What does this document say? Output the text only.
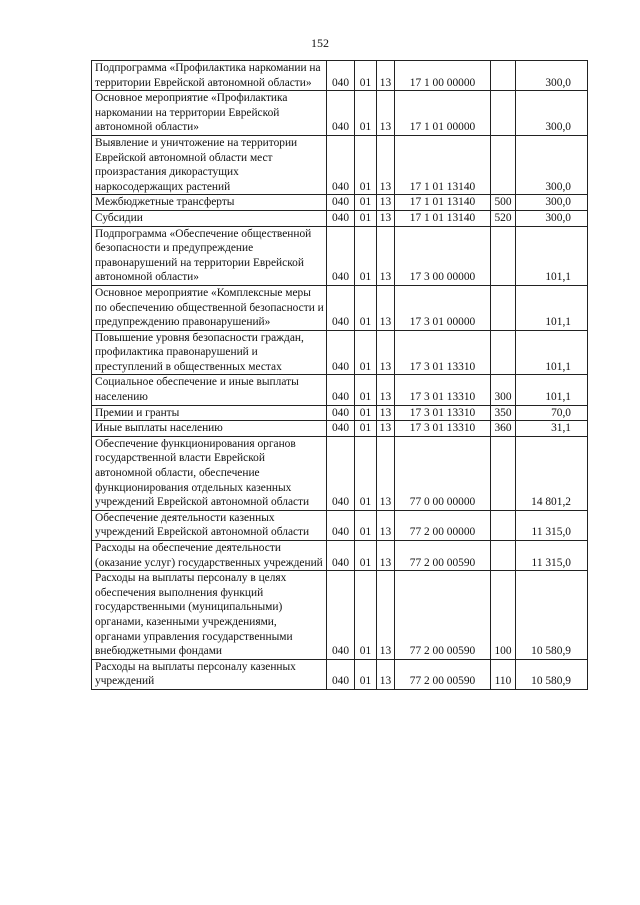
152
Подпрограмма «Профилактика наркомании на территории Еврейской автономной области»	040	01	13	17 1 00 00000		300,0
Основное мероприятие «Профилактика наркомании на территории Еврейской автономной области»	040	01	13	17 1 01 00000		300,0
Выявление и уничтожение на территории Еврейской автономной области мест произрастания дикорастущих наркосодержащих растений	040	01	13	17 1 01 13140		300,0
Межбюджетные трансферты	040	01	13	17 1 01 13140	500	300,0
Субсидии	040	01	13	17 1 01 13140	520	300,0
Подпрограмма «Обеспечение общественной безопасности и предупреждение правонарушений на территории Еврейской автономной области»	040	01	13	17 3 00 00000		101,1
Основное мероприятие «Комплексные меры по обеспечению общественной безопасности и предупреждению правонарушений»	040	01	13	17 3 01 00000		101,1
Повышение уровня безопасности граждан, профилактика правонарушений и преступлений в общественных местах	040	01	13	17 3 01 13310		101,1
Социальное обеспечение и иные выплаты населению	040	01	13	17 3 01 13310	300	101,1
Премии и гранты	040	01	13	17 3 01 13310	350	70,0
Иные выплаты населению	040	01	13	17 3 01 13310	360	31,1
Обеспечение функционирования органов государственной власти Еврейской автономной области, обеспечение функционирования отдельных казенных учреждений Еврейской автономной области	040	01	13	77 0 00 00000		14 801,2
Обеспечение деятельности казенных учреждений Еврейской автономной области	040	01	13	77 2 00 00000		11 315,0
Расходы на обеспечение деятельности (оказание услуг) государственных учреждений	040	01	13	77 2 00 00590		11 315,0
Расходы на выплаты персоналу в целях обеспечения выполнения функций государственными (муниципальными) органами, казенными учреждениями, органами управления государственными внебюджетными фондами	040	01	13	77 2 00 00590	100	10 580,9
Расходы на выплаты персоналу казенных учреждений	040	01	13	77 2 00 00590	110	10 580,9
